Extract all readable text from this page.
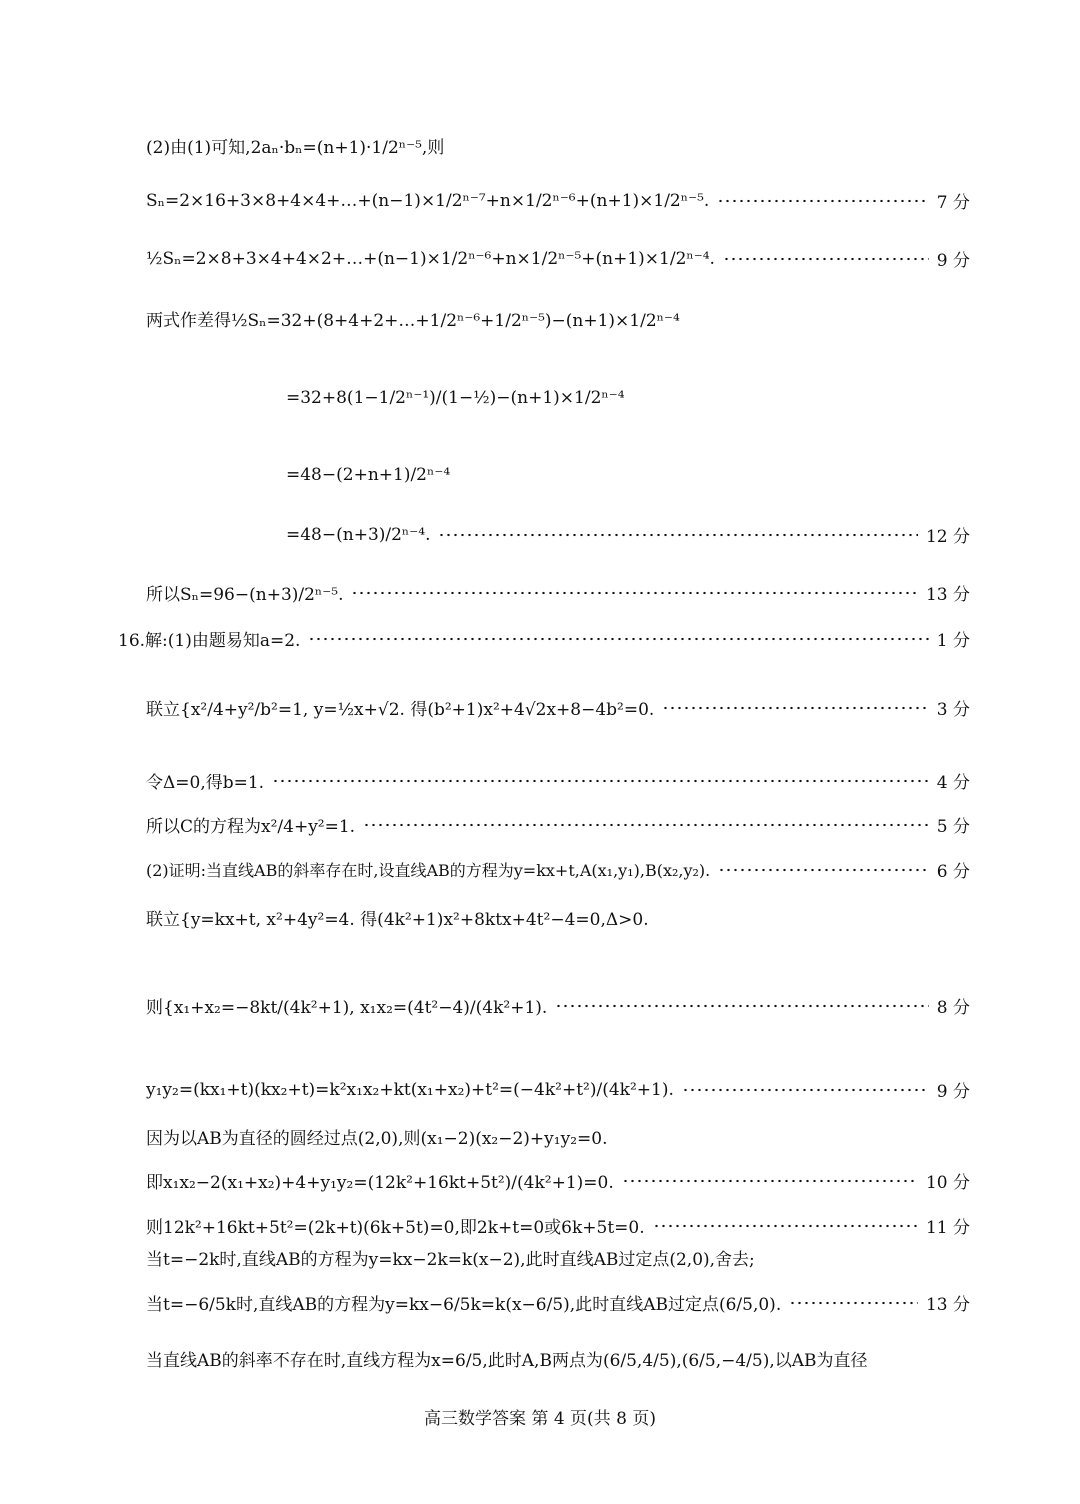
(2)由(1)可知,2aₙ·bₙ=(n+1)·1/2ⁿ⁻⁵,则
Sₙ=2×16+3×8+4×4+…+(n−1)×1/2ⁿ⁻⁷+n×1/2ⁿ⁻⁶+(n+1)×1/2ⁿ⁻⁵.	7 分
½Sₙ=2×8+3×4+4×2+…+(n−1)×1/2ⁿ⁻⁶+n×1/2ⁿ⁻⁵+(n+1)×1/2ⁿ⁻⁴.	9 分
两式作差得½Sₙ=32+(8+4+2+…+1/2ⁿ⁻⁶+1/2ⁿ⁻⁵)−(n+1)×1/2ⁿ⁻⁴
=32+8(1−1/2ⁿ⁻¹)/(1−½)−(n+1)×1/2ⁿ⁻⁴
=48−(2+n+1)/2ⁿ⁻⁴
=48−(n+3)/2ⁿ⁻⁴.	12 分
所以Sₙ=96−(n+3)/2ⁿ⁻⁵.	13 分
16.解:(1)由题易知a=2.	1 分
联立{x²/4+y²/b²=1, y=½x+√2. 得(b²+1)x²+4√2x+8−4b²=0.	3 分
令Δ=0,得b=1.	4 分
所以C的方程为x²/4+y²=1.	5 分
(2)证明:当直线AB的斜率存在时,设直线AB的方程为y=kx+t,A(x₁,y₁),B(x₂,y₂).	6 分
联立{y=kx+t, x²+4y²=4. 得(4k²+1)x²+8ktx+4t²−4=0,Δ>0.
则{x₁+x₂=−8kt/(4k²+1), x₁x₂=(4t²−4)/(4k²+1).	8 分
y₁y₂=(kx₁+t)(kx₂+t)=k²x₁x₂+kt(x₁+x₂)+t²=(−4k²+t²)/(4k²+1).	9 分
因为以AB为直径的圆经过点(2,0),则(x₁−2)(x₂−2)+y₁y₂=0.
即x₁x₂−2(x₁+x₂)+4+y₁y₂=(12k²+16kt+5t²)/(4k²+1)=0.	10 分
则12k²+16kt+5t²=(2k+t)(6k+5t)=0,即2k+t=0或6k+5t=0.	11 分
当t=−2k时,直线AB的方程为y=kx−2k=k(x−2),此时直线AB过定点(2,0),舍去;
当t=−6/5k时,直线AB的方程为y=kx−6/5k=k(x−6/5),此时直线AB过定点(6/5,0).	13 分
当直线AB的斜率不存在时,直线方程为x=6/5,此时A,B两点为(6/5,4/5),(6/5,−4/5),以AB为直径
高三数学答案 第 4 页(共 8 页)
